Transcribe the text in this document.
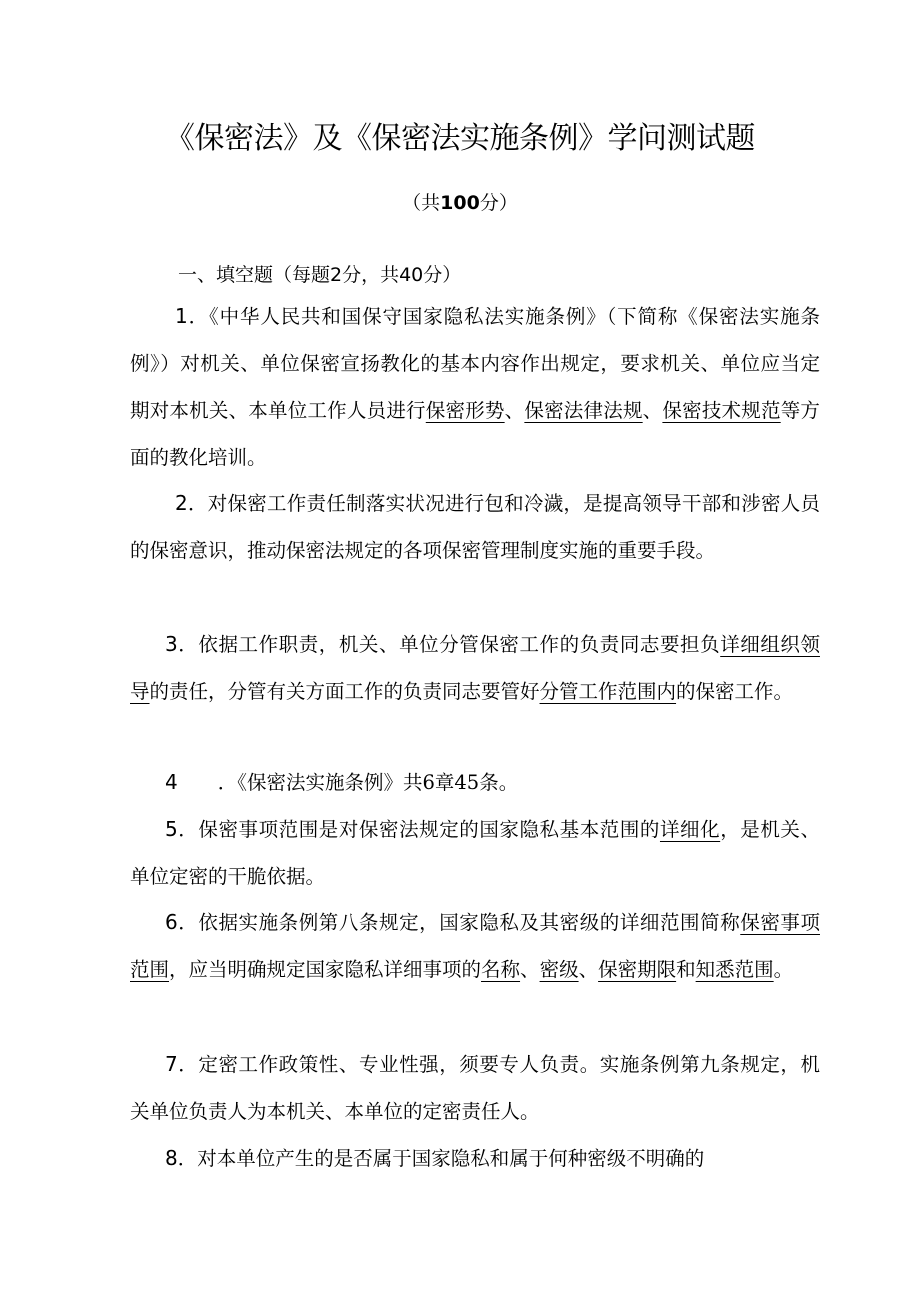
《保密法》及《保密法实施条例》学问测试题
（共100分）
一、填空题（每题2分，共40分）

1．《中华人民共和国保守国家隐私法实施条例》（下简称《保密法实施条例》）对机关、单位保密宣扬教化的基本内容作出规定，要求机关、单位应当定期对本机关、本单位工作人员进行保密形势、保密法律法规、保密技术规范等方面的教化培训。

2．对保密工作责任制落实状况进行包和冷濊，是提高领导干部和涉密人员的保密意识，推动保密法规定的各项保密管理制度实施的重要手段。

3．依据工作职责，机关、单位分管保密工作的负责同志要担负详细组织领导的责任，分管有关方面工作的负责同志要管好分管工作范围内的保密工作。

4 ．《保密法实施条例》共6章45条。

5．保密事项范围是对保密法规定的国家隐私基本范围的详细化，是机关、单位定密的干脆依据。

6．依据实施条例第八条规定，国家隐私及其密级的详细范围简称保密事项范围，应当明确规定国家隐私详细事项的名称、密级、保密期限和知悉范围。

7．定密工作政策性、专业性强，须要专人负责。实施条例第九条规定，机关单位负责人为本机关、本单位的定密责任人。

8．对本单位产生的是否属于国家隐私和属于何种密级不明确的
